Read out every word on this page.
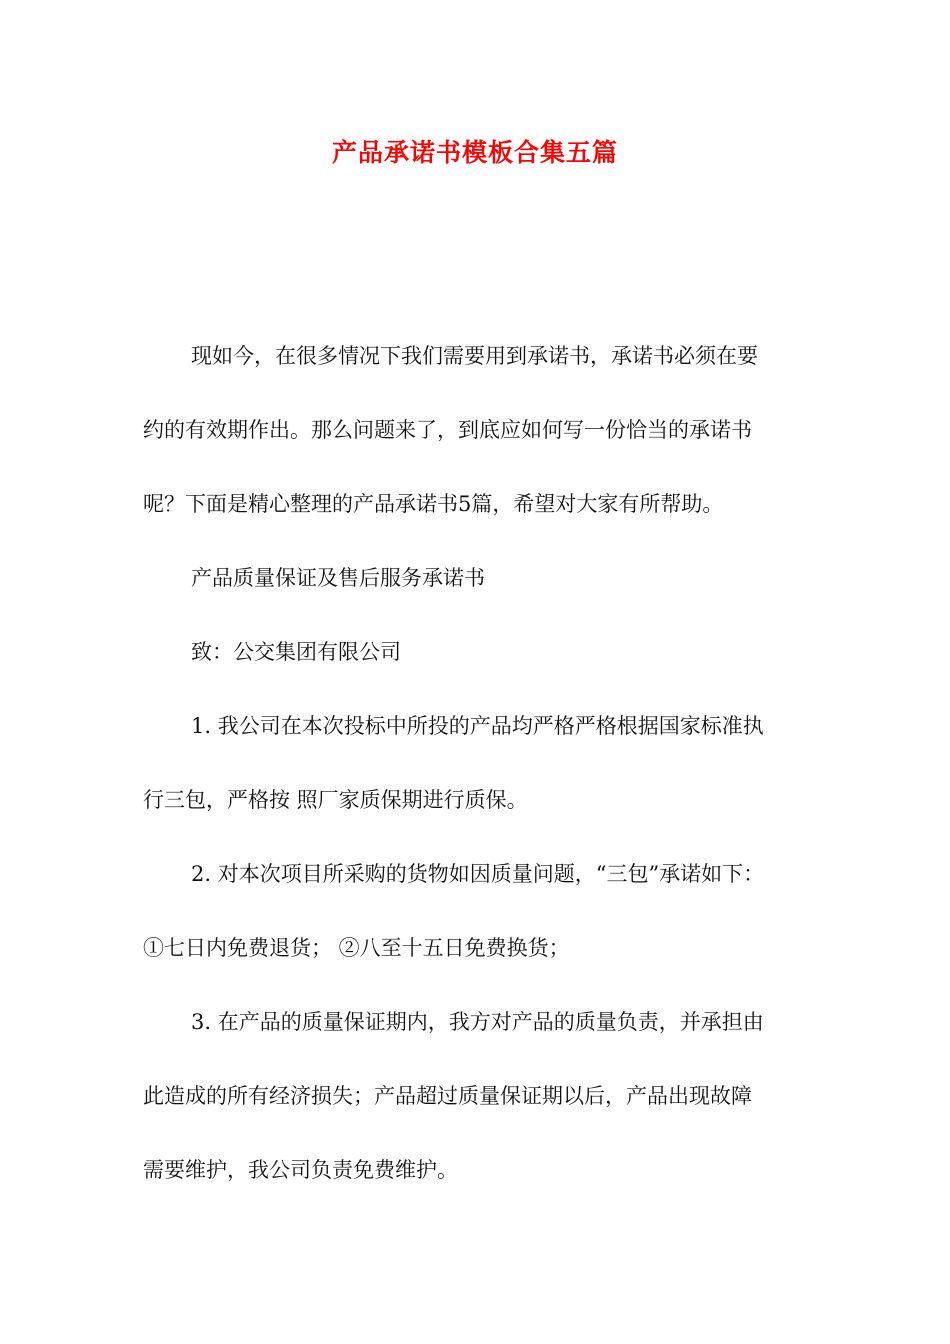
产品承诺书模板合集五篇
现如今，在很多情况下我们需要用到承诺书，承诺书必须在要
约的有效期作出。那么问题来了，到底应如何写一份恰当的承诺书
呢？下面是精心整理的产品承诺书5篇，希望对大家有所帮助。
产品质量保证及售后服务承诺书
致：公交集团有限公司
1. 我公司在本次投标中所投的产品均严格严格根据国家标准执
行三包，严格按 照厂家质保期进行质保。
2. 对本次项目所采购的货物如因质量问题，“三包”承诺如下：
①七日内免费退货； ②八至十五日免费换货；
3. 在产品的质量保证期内，我方对产品的质量负责，并承担由
此造成的所有经济损失；产品超过质量保证期以后，产品出现故障
需要维护，我公司负责免费维护。
